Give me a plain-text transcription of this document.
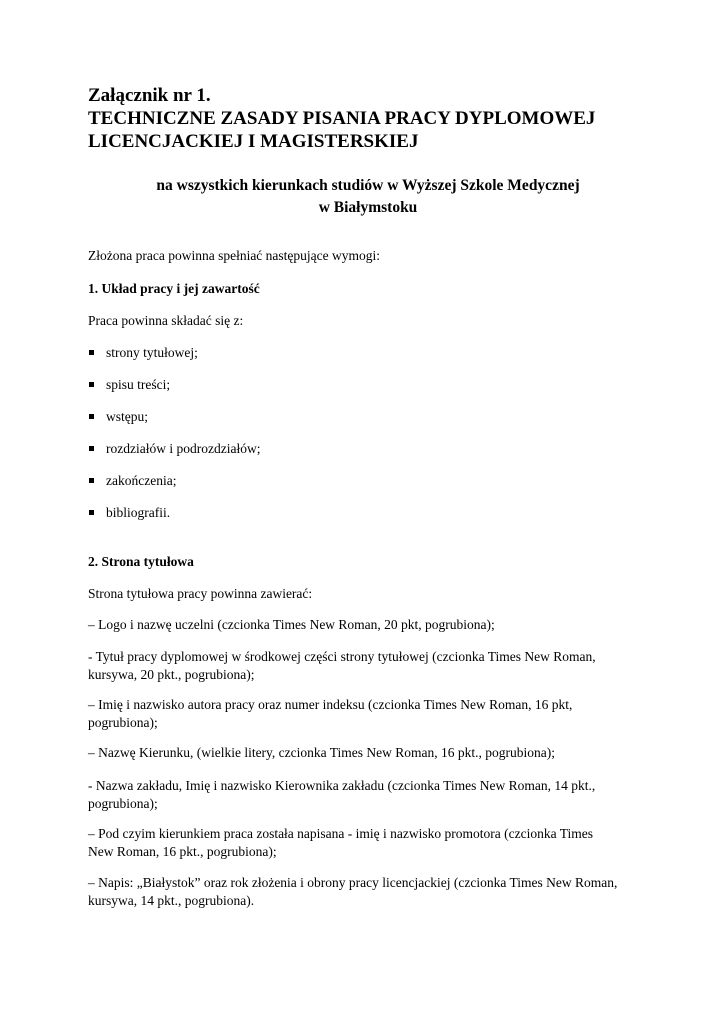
Załącznik nr 1.
TECHNICZNE ZASADY PISANIA PRACY DYPLOMOWEJ
LICENCJACKIEJ I MAGISTERSKIEJ
na wszystkich kierunkach studiów w Wyższej Szkole Medycznej
w Białymstoku

Złożona praca powinna spełniać następujące wymogi:

1. Układ pracy i jej zawartość

Praca powinna składać się z:

strony tytułowej;
spisu treści;
wstępu;
rozdziałów i podrozdziałów;
zakończenia;
bibliografii.

2. Strona tytułowa

Strona tytułowa pracy powinna zawierać:

– Logo i nazwę uczelni (czcionka Times New Roman, 20 pkt, pogrubiona);
- Tytuł pracy dyplomowej w środkowej części strony tytułowej (czcionka Times New Roman,
kursywa, 20 pkt., pogrubiona);
– Imię i nazwisko autora pracy oraz numer indeksu (czcionka Times New Roman, 16 pkt,
pogrubiona);
– Nazwę Kierunku, (wielkie litery, czcionka Times New Roman, 16 pkt., pogrubiona);
- Nazwa zakładu, Imię i nazwisko Kierownika zakładu (czcionka Times New Roman, 14 pkt.,
pogrubiona);
– Pod czyim kierunkiem praca została napisana - imię i nazwisko promotora (czcionka Times
New Roman, 16 pkt., pogrubiona);
– Napis: „Białystok” oraz rok złożenia i obrony pracy licencjackiej (czcionka Times New Roman,
kursywa, 14 pkt., pogrubiona).
